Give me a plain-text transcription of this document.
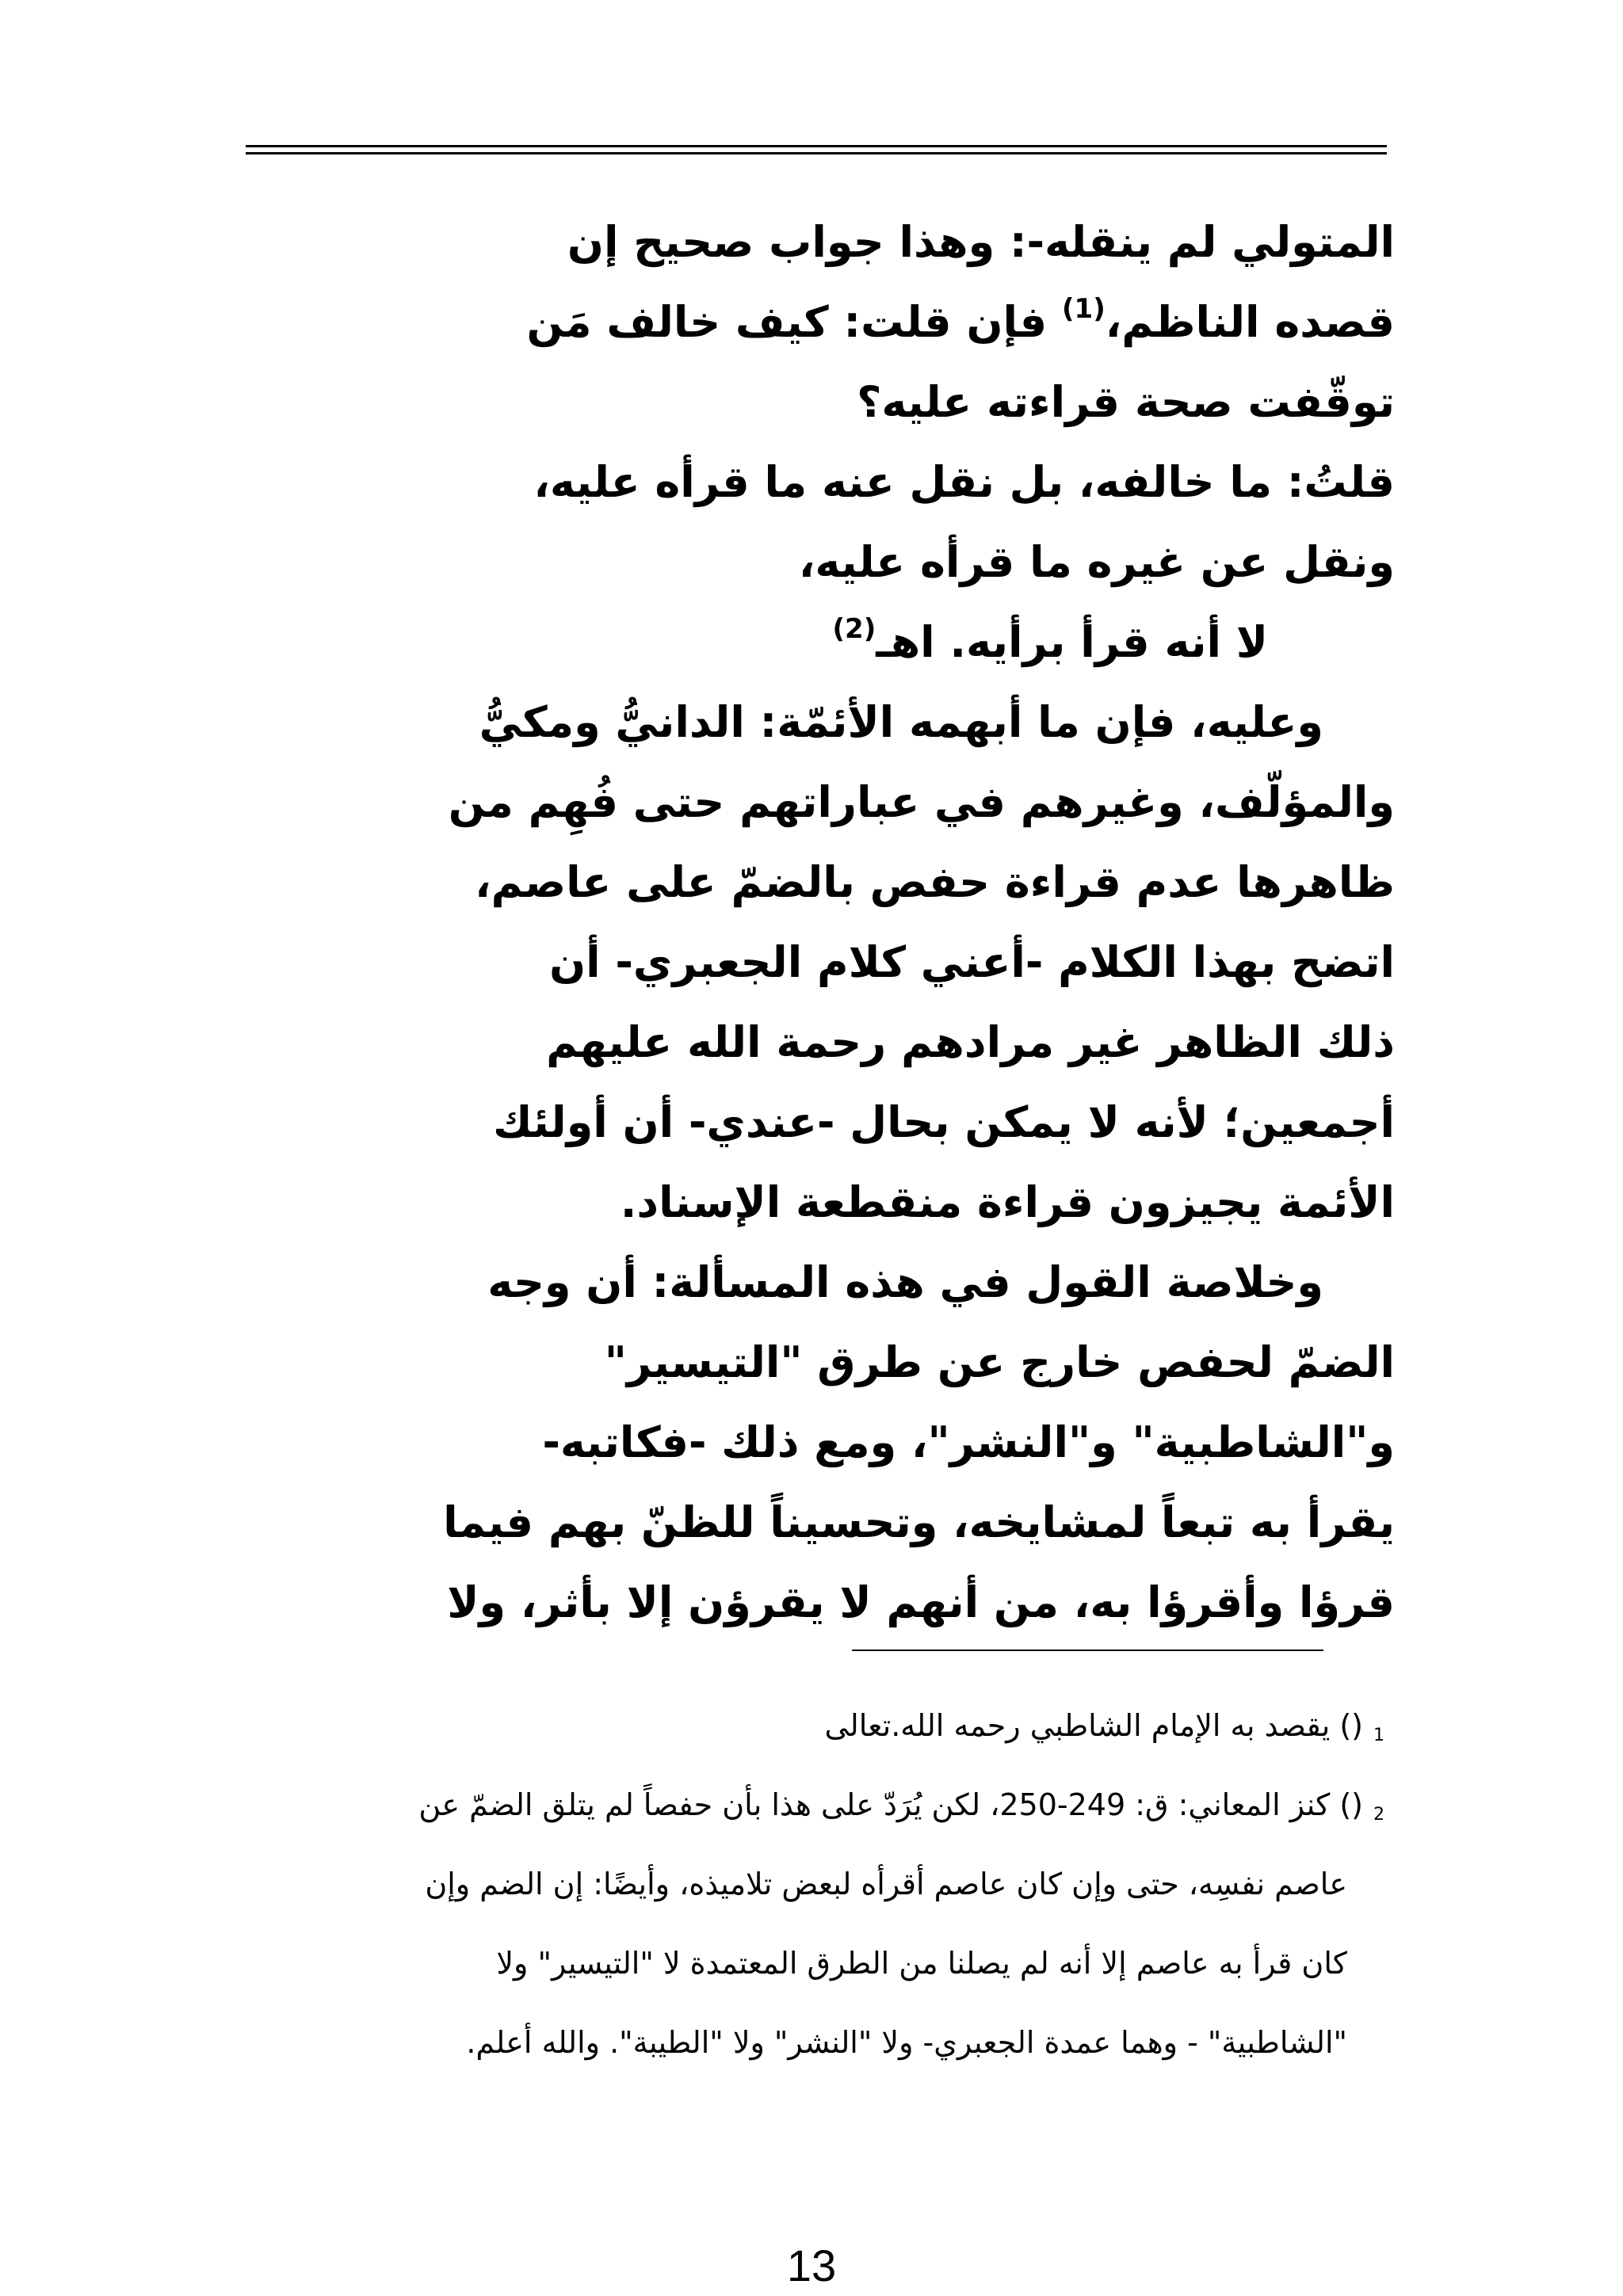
المتولي لم ينقله-: وهذا جواب صحيح إن
قصده الناظم،$^{(1)}$ فإن قلت: كيف خالف مَن
توقّفت صحة قراءته عليه؟
قلتُ: ما خالفه، بل نقل عنه ما قرأه عليه،
ونقل عن غيره ما قرأه عليه،
لا أنه قرأ برأيه. اهـ$^{(2)}$
وعليه، فإن ما أبهمه الأئمّة: الدانيُّ ومكيُّ
والمؤلّف، وغيرهم في عباراتهم حتى فُهِم من
ظاهرها عدم قراءة حفص بالضمّ على عاصم،
اتضح بهذا الكلام -أعني كلام الجعبري- أن
ذلك الظاهر غير مرادهم رحمة الله عليهم
أجمعين؛ لأنه لا يمكن بحال -عندي- أن أولئك
الأئمة يجيزون قراءة منقطعة الإسناد.
وخلاصة القول في هذه المسألة: أن وجه
الضمّ لحفص خارج عن طرق "التيسير"
و"الشاطبية" و"النشر"، ومع ذلك -فكاتبه-
يقرأ به تبعاً لمشايخه، وتحسيناً للظنّ بهم فيما
قرؤا وأقرؤا به، من أنهم لا يقرؤن إلا بأثر، ولا
1() يقصد به الإمام الشاطبي رحمه الله.تعالى
2() كنز المعاني: ق: 249-250، لكن يُرَدّ على هذا بأن حفصاً لم يتلق الضمّ عن
عاصم نفسِه، حتى وإن كان عاصم أقرأه لبعض تلاميذه، وأيضًا: إن الضم وإن
كان قرأ به عاصم إلا أنه لم يصلنا من الطرق المعتمدة لا "التيسير" ولا
"الشاطبية" - وهما عمدة الجعبري- ولا "النشر" ولا "الطيبة". والله أعلم.
13
